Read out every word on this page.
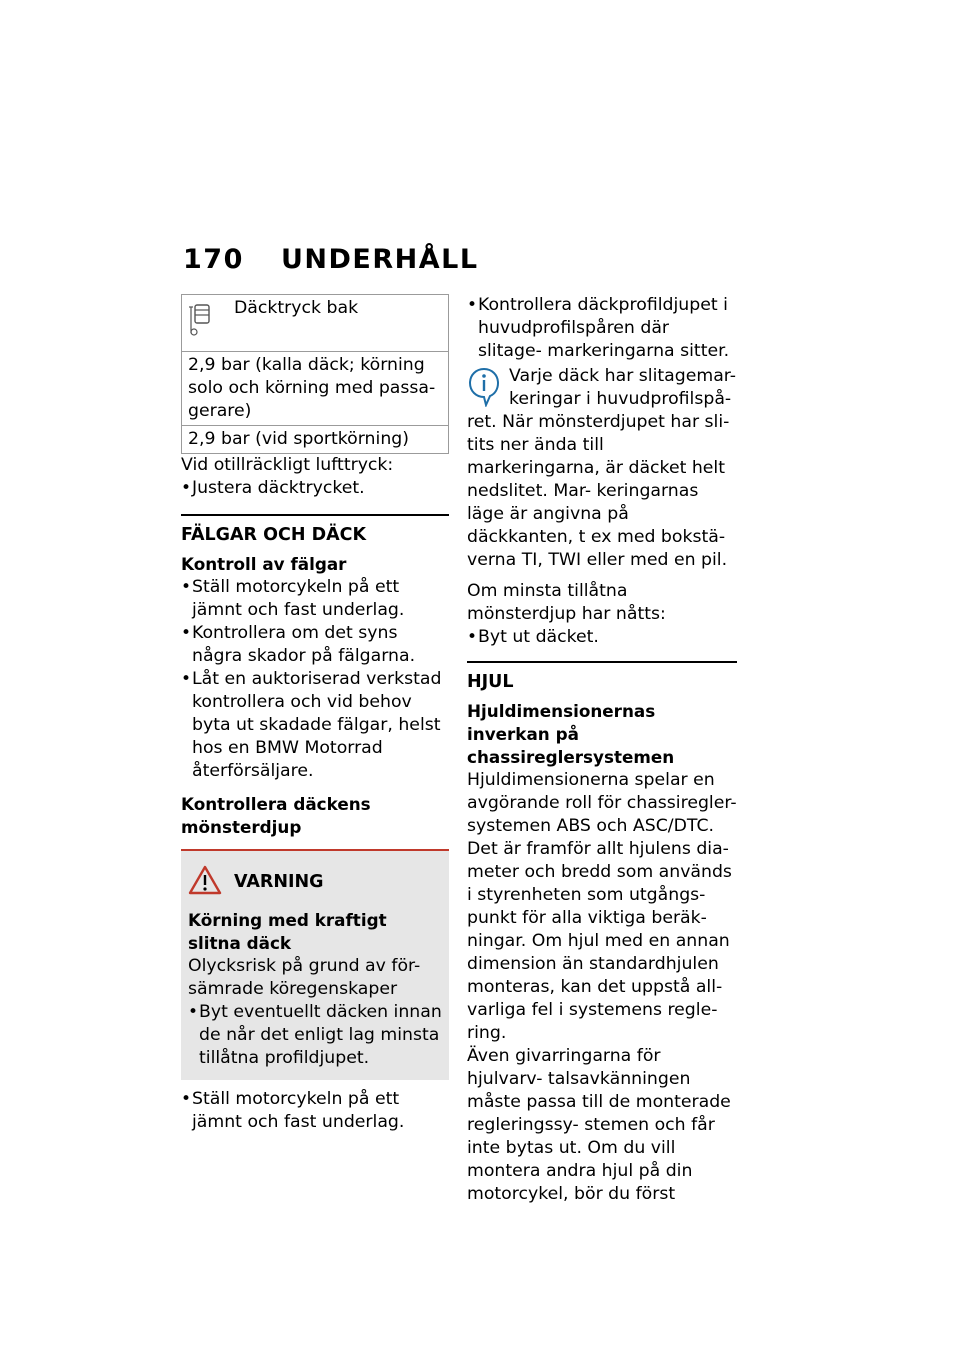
170 UNDERHÅLL
Däcktryck bak

2,9 bar (kalla däck; körning solo och körning med passa- gerare)
2,9 bar (vid sportkörning)

Vid otillräckligt lufttryck:

• Justera däcktrycket.
FÄLGAR OCH DÄCK
Kontroll av fälgar
• Ställ motorcykeln på ett jämnt och fast underlag.
• Kontrollera om det syns några skador på fälgarna.
• Låt en auktoriserad verkstad kontrollera och vid behov byta ut skadade fälgar, helst hos en BMW Motorrad återförsäljare.
Kontrollera däckens mönsterdjup
VARNING
Körning med kraftigt slitna däck

Olycksrisk på grund av för- sämrade köregenskaper

• Byt eventuellt däcken innan de når det enligt lag minsta tillåtna profildjupet.
• Ställ motorcykeln på ett jämnt och fast underlag.
• Kontrollera däckprofildjupet i huvudprofilspåren där slitage- markeringarna sitter.

Varje däck har slitagemar- keringar i huvudprofilspå-

ret. När mönsterdjupet har sli- tits ner ända till markeringarna, är däcket helt nedslitet. Mar- keringarnas läge är angivna på däckkanten, t ex med bokstä- verna TI, TWI eller med en pil.

Om minsta tillåtna mönsterdjup har nåtts:

• Byt ut däcket.
HJUL
Hjuldimensionernas inverkan på chassireglersystemen

Hjuldimensionerna spelar en avgörande roll för chassiregler- systemen ABS och ASC/DTC. Det är framför allt hjulens dia- meter och bredd som används i styrenheten som utgångs- punkt för alla viktiga beräk- ningar. Om hjul med en annan dimension än standardhjulen monteras, kan det uppstå all- varliga fel i systemens regle- ring.

Även givarringarna för hjulvarv- talsavkänningen måste passa till de monterade regleringssy- stemen och får inte bytas ut. Om du vill montera andra hjul på din motorcykel, bör du först
